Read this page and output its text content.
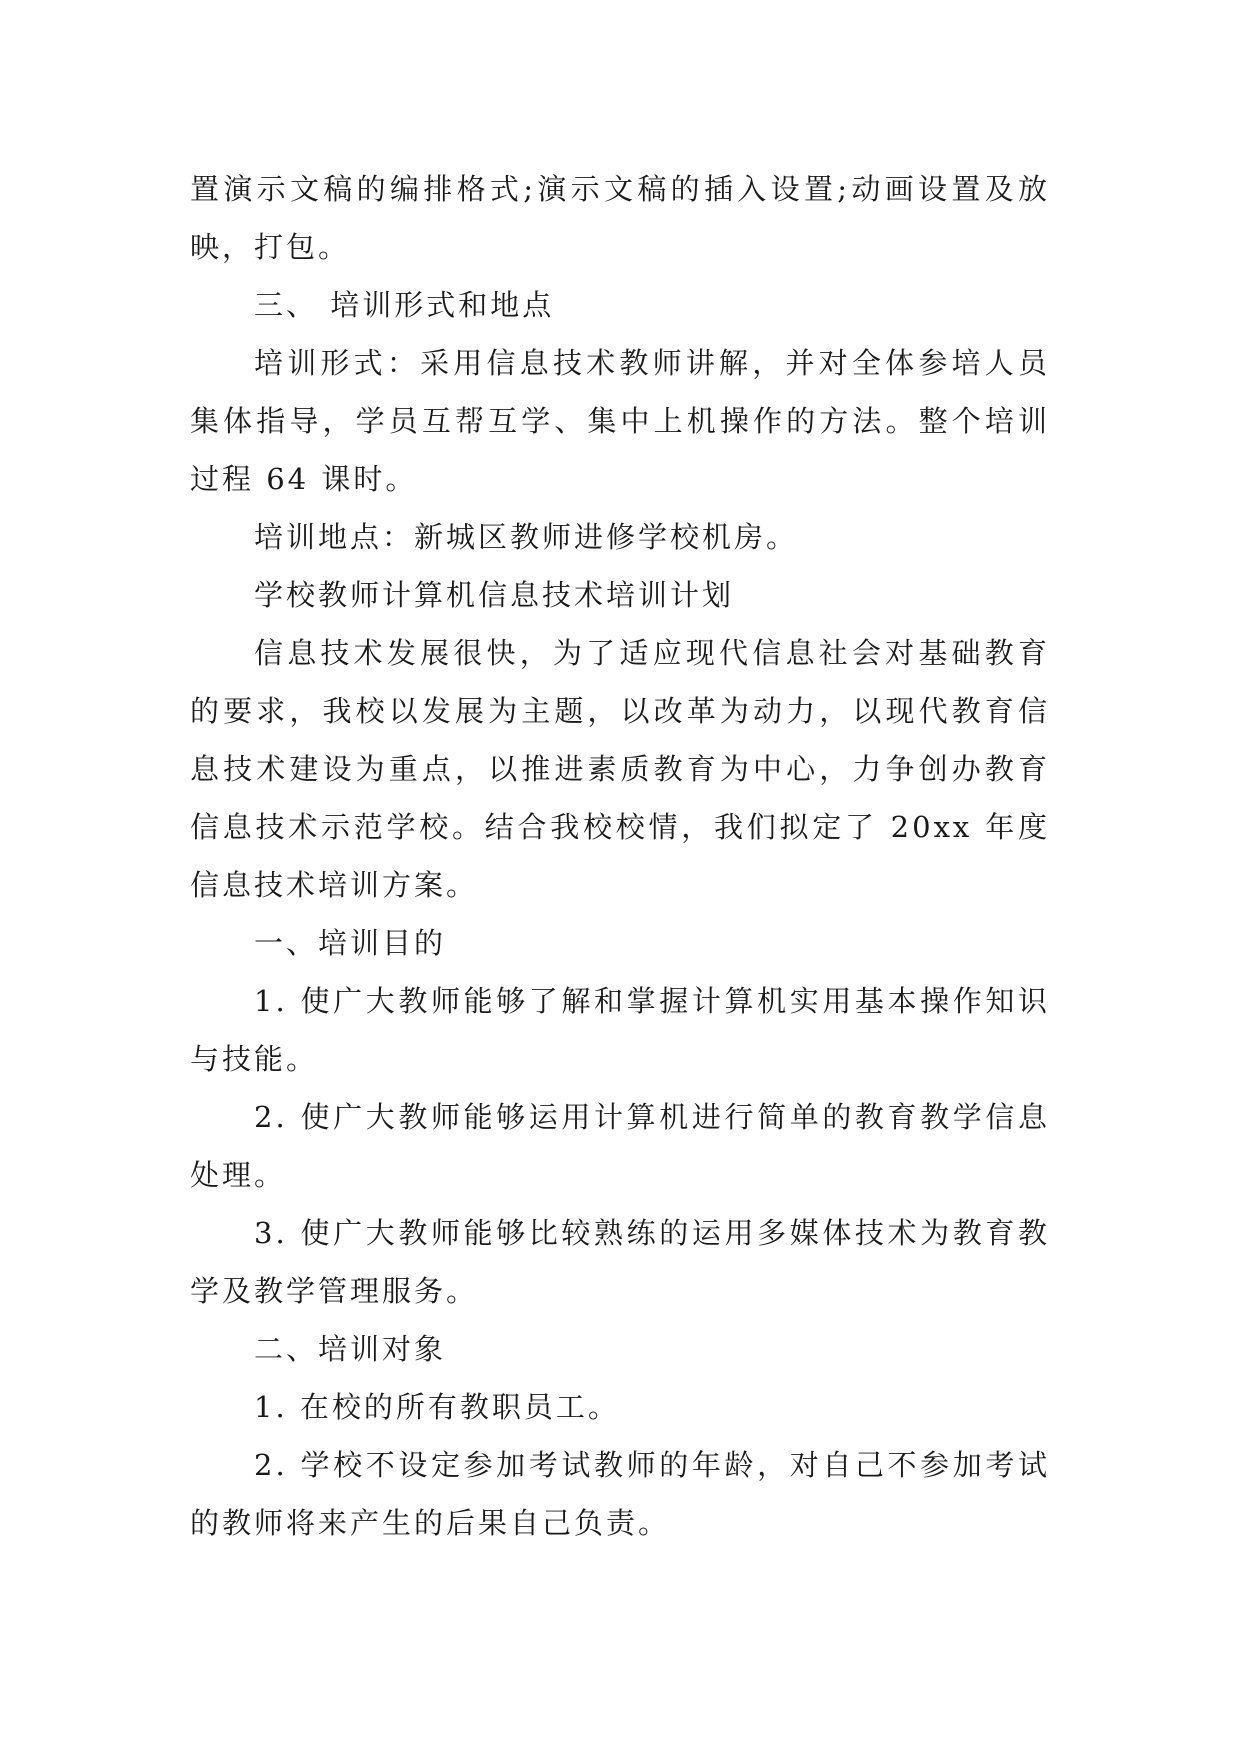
置演示文稿的编排格式;演示文稿的插入设置;动画设置及放映，打包。

三、 培训形式和地点

培训形式：采用信息技术教师讲解，并对全体参培人员集体指导，学员互帮互学、集中上机操作的方法。整个培训过程 64 课时。

培训地点：新城区教师进修学校机房。

学校教师计算机信息技术培训计划

信息技术发展很快，为了适应现代信息社会对基础教育的要求，我校以发展为主题，以改革为动力，以现代教育信息技术建设为重点，以推进素质教育为中心，力争创办教育信息技术示范学校。结合我校校情，我们拟定了 20xx 年度信息技术培训方案。

一、培训目的

1. 使广大教师能够了解和掌握计算机实用基本操作知识与技能。

2. 使广大教师能够运用计算机进行简单的教育教学信息处理。

3. 使广大教师能够比较熟练的运用多媒体技术为教育教学及教学管理服务。

二、培训对象

1. 在校的所有教职员工。

2. 学校不设定参加考试教师的年龄，对自己不参加考试的教师将来产生的后果自己负责。
